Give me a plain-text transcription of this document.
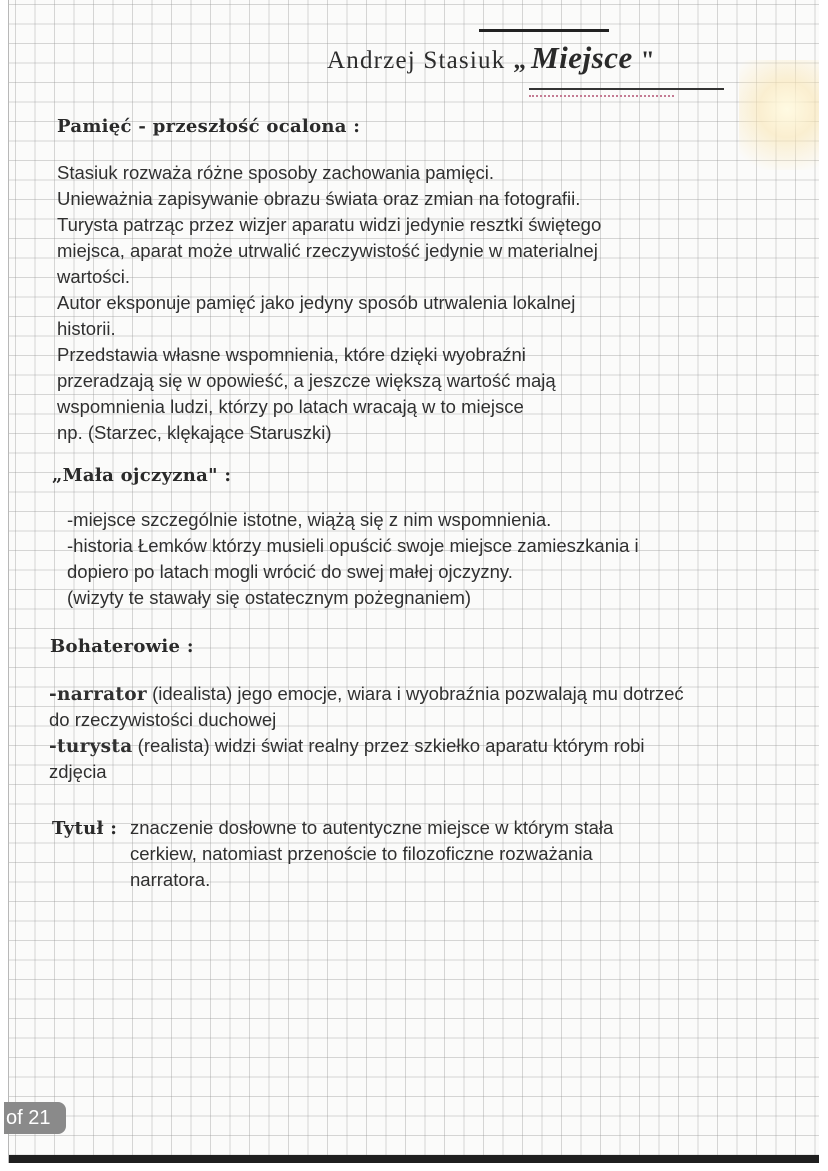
Andrzej Stasiuk „ Miejsce "
Pamięć - przeszłość ocalona :
Stasiuk rozważa różne sposoby zachowania pamięci.
Unieważnia zapisywanie obrazu świata oraz zmian na fotografii.
Turysta patrząc przez wizjer aparatu widzi jedynie resztki świętego
miejsca, aparat może utrwalić rzeczywistość jedynie w materialnej
wartości.
Autor eksponuje pamięć jako jedyny sposób utrwalenia lokalnej
historii.
Przedstawia własne wspomnienia, które dzięki wyobraźni
przeradzają się w opowieść, a jeszcze większą wartość mają
wspomnienia ludzi, którzy po latach wracają w to miejsce
np. (Starzec, klękające Staruszki)
„Mała ojczyzna" :
-miejsce szczególnie istotne, wiążą się z nim wspomnienia.
-historia Łemków którzy musieli opuścić swoje miejsce zamieszkania i
dopiero po latach mogli wrócić do swej małej ojczyzny.
(wizyty te stawały się ostatecznym pożegnaniem)
Bohaterowie :
-narrator (idealista) jego emocje, wiara i wyobraźnia pozwalają mu dotrzeć
do rzeczywistości duchowej
-turysta (realista) widzi świat realny przez szkiełko aparatu którym robi
zdjęcia
Tytuł : znaczenie dosłowne to autentyczne miejsce w którym stała
cerkiew, natomiast przenoście to filozoficzne rozważania
narratora.
of 21
